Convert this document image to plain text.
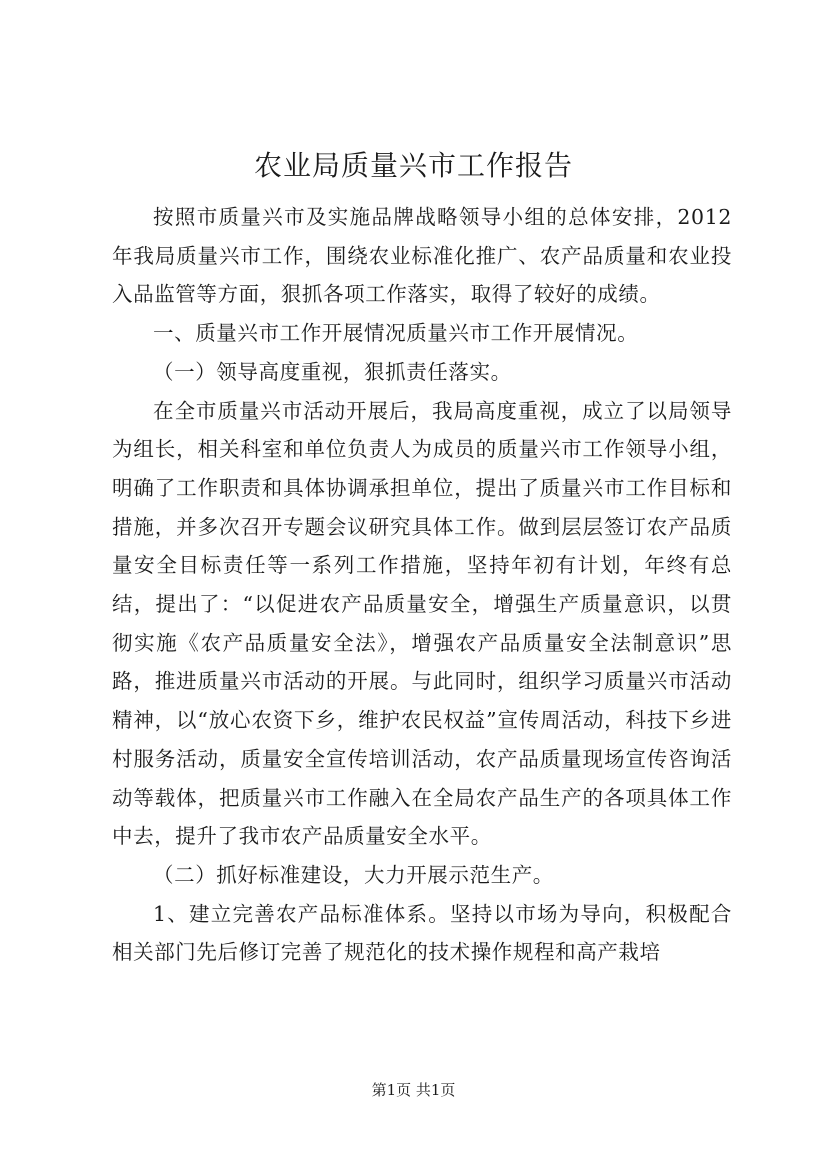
农业局质量兴市工作报告

按照市质量兴市及实施品牌战略领导小组的总体安排，2012年我局质量兴市工作，围绕农业标准化推广、农产品质量和农业投入品监管等方面，狠抓各项工作落实，取得了较好的成绩。

一、质量兴市工作开展情况质量兴市工作开展情况。

（一）领导高度重视，狠抓责任落实。

在全市质量兴市活动开展后，我局高度重视，成立了以局领导为组长，相关科室和单位负责人为成员的质量兴市工作领导小组，明确了工作职责和具体协调承担单位，提出了质量兴市工作目标和措施，并多次召开专题会议研究具体工作。做到层层签订农产品质量安全目标责任等一系列工作措施，坚持年初有计划，年终有总结，提出了：“以促进农产品质量安全，增强生产质量意识，以贯彻实施《农产品质量安全法》，增强农产品质量安全法制意识”思路，推进质量兴市活动的开展。与此同时，组织学习质量兴市活动精神，以“放心农资下乡，维护农民权益”宣传周活动，科技下乡进村服务活动，质量安全宣传培训活动，农产品质量现场宣传咨询活动等载体，把质量兴市工作融入在全局农产品生产的各项具体工作中去，提升了我市农产品质量安全水平。

（二）抓好标准建设，大力开展示范生产。

1、建立完善农产品标准体系。坚持以市场为导向，积极配合相关部门先后修订完善了规范化的技术操作规程和高产栽培

第1页 共1页
